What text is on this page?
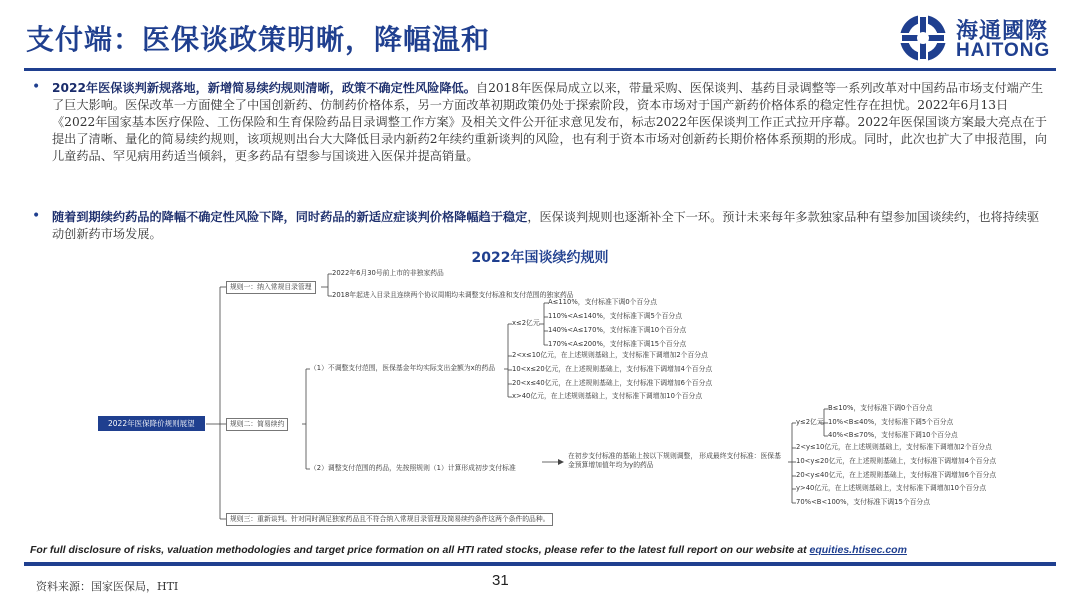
支付端：医保谈政策明晰，降幅温和	海通國際
HAITONG
• 2022年医保谈判新规落地，新增简易续约规则清晰，政策不确定性风险降低。自2018年医保局成立以来，带量采购、医保谈判、基药目录调整等一系列改革对中国药品市场支付端产生了巨大影响。医保改革一方面健全了中国创新药、仿制药价格体系，另一方面改革初期政策仍处于探索阶段，资本市场对于国产新药价格体系的稳定性存在担忧。2022年6月13日《2022年国家基本医疗保险、工伤保险和生育保险药品目录调整工作方案》及相关文件公开征求意见发布，标志2022年医保谈判工作正式拉开序幕。2022年医保国谈方案最大亮点在于提出了清晰、量化的简易续约规则，该项规则出台大大降低目录内新药2年续约重新谈判的风险，也有利于资本市场对创新药长期价格体系预期的形成。同时，此次也扩大了申报范围，向儿童药品、罕见病用药适当倾斜，更多药品有望参与国谈进入医保并提高销量。
• 随着到期续约药品的降幅不确定性风险下降，同时药品的新适应症谈判价格降幅趋于稳定，医保谈判规则也逐渐补全下一环。预计未来每年多款独家品种有望参加国谈续约，也将持续驱动创新药市场发展。
2022年国谈续约规则
2022年医保降价规则展望
规则一：纳入常规目录管理
2022年6月30号前上市的非独家药品
2018年起进入目录且连续两个协议周期均未调整支付标准和支付范围的独家药品
规则二：简易续约
（1）不调整支付范围，医保基金年均实际支出金额为x的药品
x≤2亿元
A≤110%，支付标准下调0个百分点
110%<A≤140%，支付标准下调5个百分点
140%<A≤170%，支付标准下调10个百分点
170%<A≤200%，支付标准下调15个百分点
2<x≤10亿元，在上述规则基础上，支付标准下调增加2个百分点
10<x≤20亿元，在上述规则基础上，支付标准下调增加4个百分点
20<x≤40亿元，在上述规则基础上，支付标准下调增加6个百分点
x>40亿元，在上述规则基础上，支付标准下调增加10个百分点
（2）调整支付范围的药品，先按照规则（1）计算形成初步支付标准
在初步支付标准的基础上按以下规则调整， 形成最终支付标准：医保基金预算增加值年均为y的药品
y≤2亿元
B≤10%，支付标准下调0个百分点
10%<B≤40%，支付标准下调5个百分点
40%<B≤70%，支付标准下调10个百分点
2<y≤10亿元，在上述规则基础上，支付标准下调增加2个百分点
10<y≤20亿元，在上述规则基础上，支付标准下调增加4个百分点
20<y≤40亿元，在上述规则基础上，支付标准下调增加6个百分点
y>40亿元，在上述规则基础上，支付标准下调增加10个百分点
70%<B<100%，支付标准下调15个百分点
规则三：重新谈判。针对同时满足独家药品且不符合纳入常规目录管理及简易续约条件这两个条件的品种。
For full disclosure of risks, valuation methodologies and target price formation on all HTI rated stocks, please refer to the latest full report on our website at equities.htisec.com
资料来源：国家医保局，HTI	31
